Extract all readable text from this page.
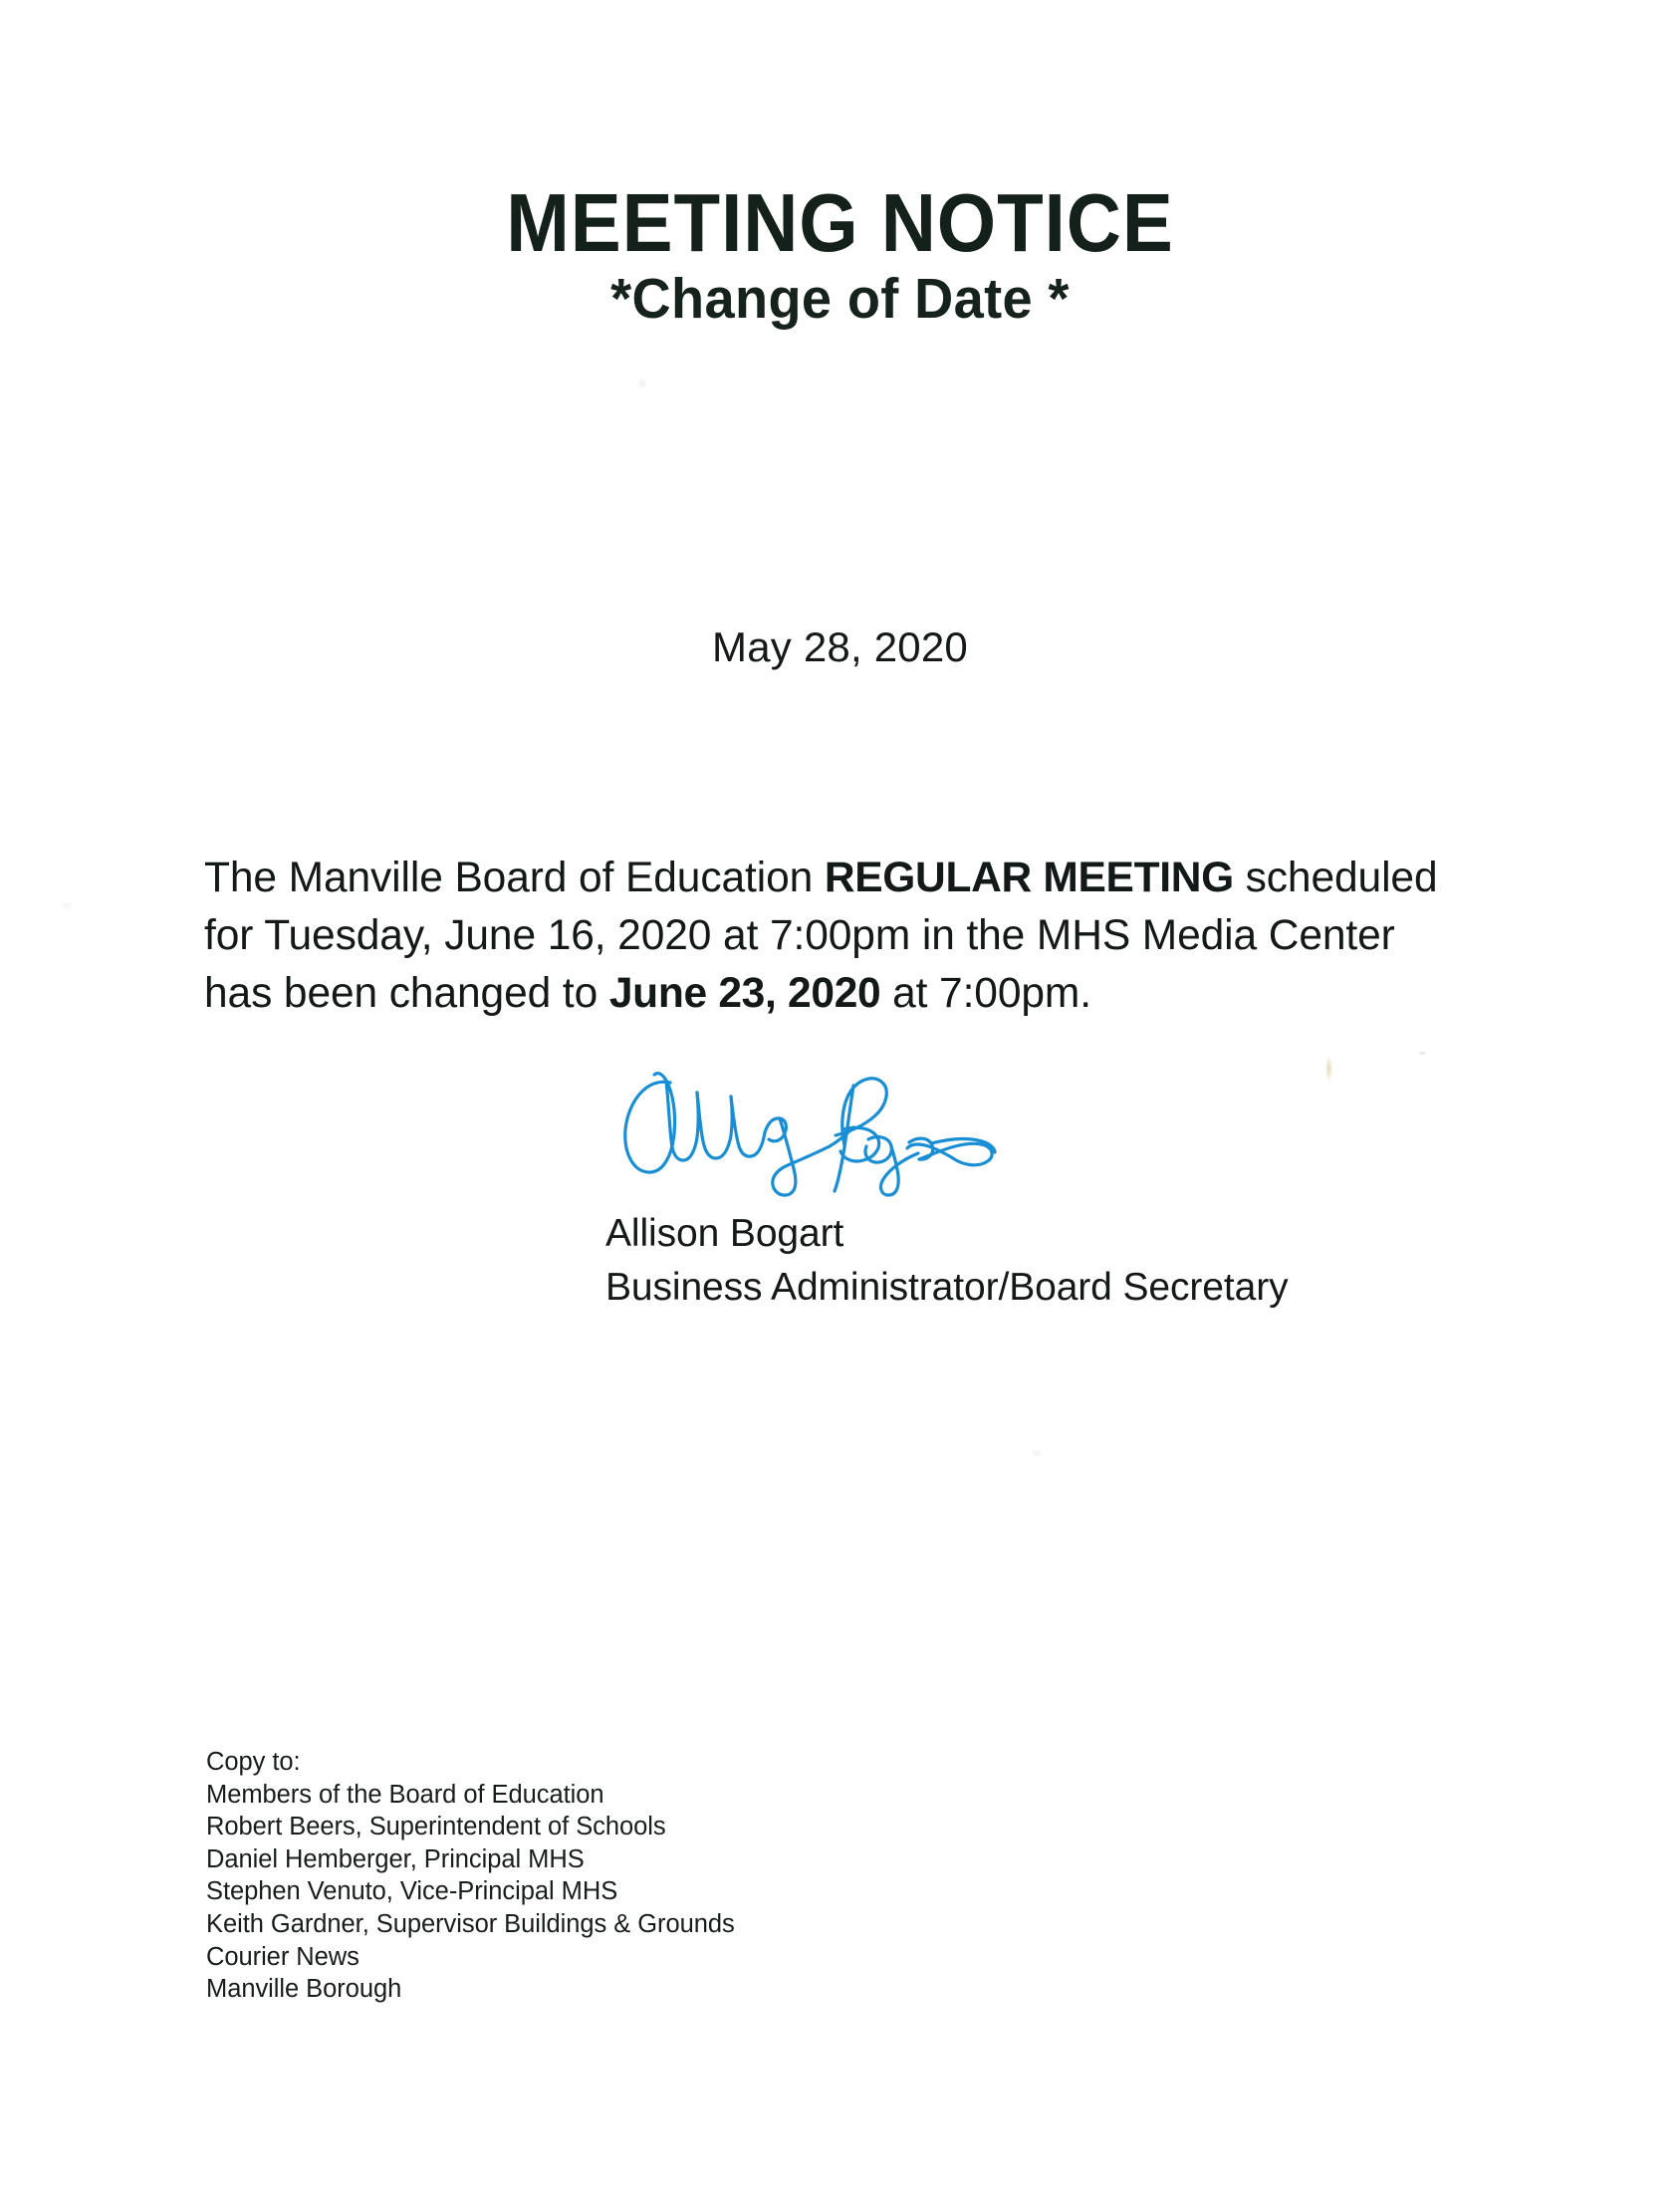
MEETING NOTICE
*Change of Date *
May 28, 2020
The Manville Board of Education REGULAR MEETING scheduled
for Tuesday, June 16, 2020 at 7:00pm in the MHS Media Center
has been changed to June 23, 2020 at 7:00pm.
Allison Bogart
Business Administrator/Board Secretary
Copy to:
Members of the Board of Education
Robert Beers, Superintendent of Schools
Daniel Hemberger, Principal MHS
Stephen Venuto, Vice-Principal MHS
Keith Gardner, Supervisor Buildings & Grounds
Courier News
Manville Borough
